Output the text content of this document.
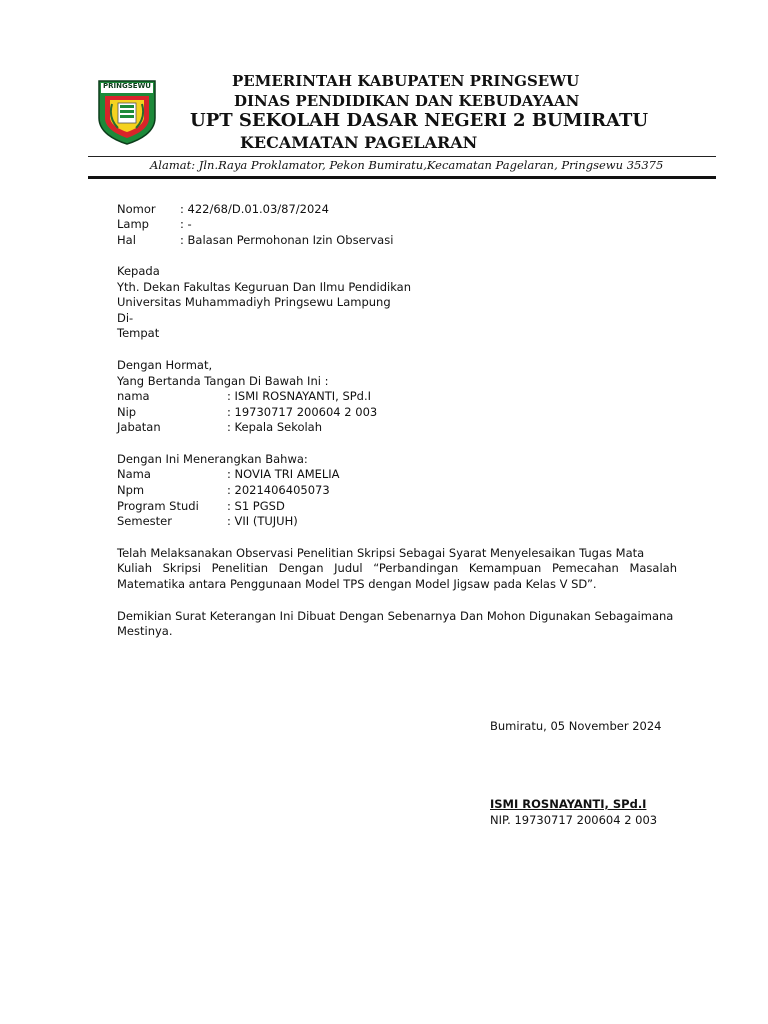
PRINGSEWU	PEMERINTAH KABUPATEN PRINGSEWU
DINAS PENDIDIKAN DAN KEBUDAYAAN
UPT SEKOLAH DASAR NEGERI 2 BUMIRATU
KECAMATAN PAGELARAN
Alamat: Jln.Raya Proklamator, Pekon Bumiratu,Kecamatan Pagelaran, Pringsewu 35375
Nomor : 422/68/D.01.03/87/2024
Lamp	: -
Hal	: Balasan Permohonan Izin Observasi
Kepada
Yth. Dekan Fakultas Keguruan Dan Ilmu Pendidikan
Universitas Muhammadiyh Pringsewu Lampung
Di-
Tempat
Dengan Hormat,
Yang Bertanda Tangan Di Bawah Ini :
nama	: ISMI ROSNAYANTI, SPd.I
Nip	: 19730717 200604 2 003
Jabatan	: Kepala Sekolah
Dengan Ini Menerangkan Bahwa:
Nama	: NOVIA TRI AMELIA
Npm	: 2021406405073
Program Studi : S1 PGSD
Semester	: VII (TUJUH)
Telah Melaksanakan Observasi Penelitian Skripsi Sebagai Syarat Menyelesaikan Tugas Mata
Kuliah Skripsi Penelitian Dengan Judul “Perbandingan Kemampuan Pemecahan Masalah
Matematika antara Penggunaan Model TPS dengan Model Jigsaw pada Kelas V SD”.
Demikian Surat Keterangan Ini Dibuat Dengan Sebenarnya Dan Mohon Digunakan Sebagaimana
Mestinya.
Bumiratu, 05 November 2024
ISMI ROSNAYANTI, SPd.I
NIP. 19730717 200604 2 003
